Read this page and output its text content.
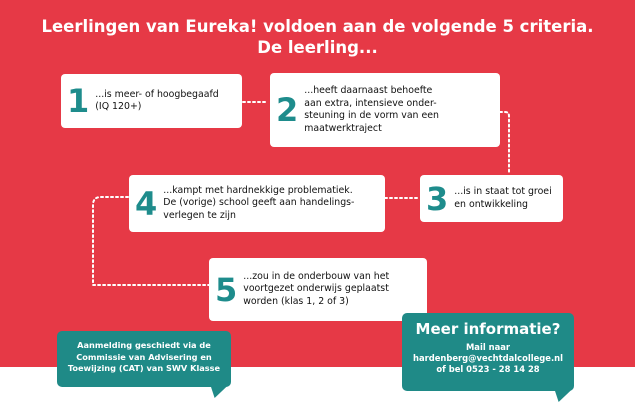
Leerlingen van Eureka! voldoen aan de volgende 5 criteria.
De leerling...
1 ...is meer- of hoogbegaafd
(IQ 120+)	2
...heeft daarnaast behoefte
aan extra, intensieve onder-
steuning in de vorm van een
maatwerktraject
3 ...is in staat tot groei
en ontwikkeling
4 ...kampt met hardnekkige problematiek.
De (vorige) school geeft aan handelings-
verlegen te zijn
5 ...zou in de onderbouw van het
voortgezet onderwijs geplaatst
worden (klas 1, 2 of 3)
Aanmelding geschiedt via de
Commissie van Advisering en
Toewijzing (CAT) van SWV Klasse
Meer informatie?
Mail naar
hardenberg@vechtdalcollege.nl
of bel 0523 - 28 14 28
